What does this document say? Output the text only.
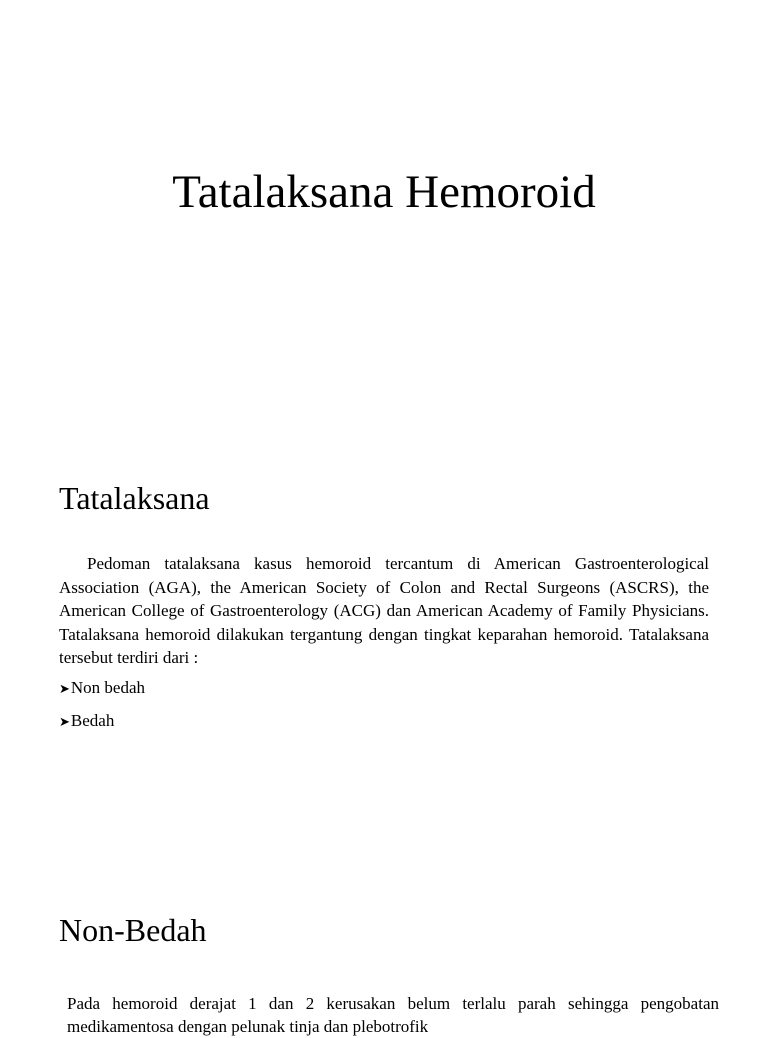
Tatalaksana Hemoroid
Tatalaksana

Pedoman tatalaksana kasus hemoroid tercantum di American Gastroenterological Association (AGA), the American Society of Colon and Rectal Surgeons (ASCRS), the American College of Gastroenterology (ACG) dan American Academy of Family Physicians. Tatalaksana hemoroid dilakukan tergantung dengan tingkat keparahan hemoroid. Tatalaksana tersebut terdiri dari :

➤ Non bedah
➤ Bedah
Non-Bedah

Pada hemoroid derajat 1 dan 2 kerusakan belum terlalu parah sehingga pengobatan medikamentosa dengan pelunak tinja dan plebotrofik
